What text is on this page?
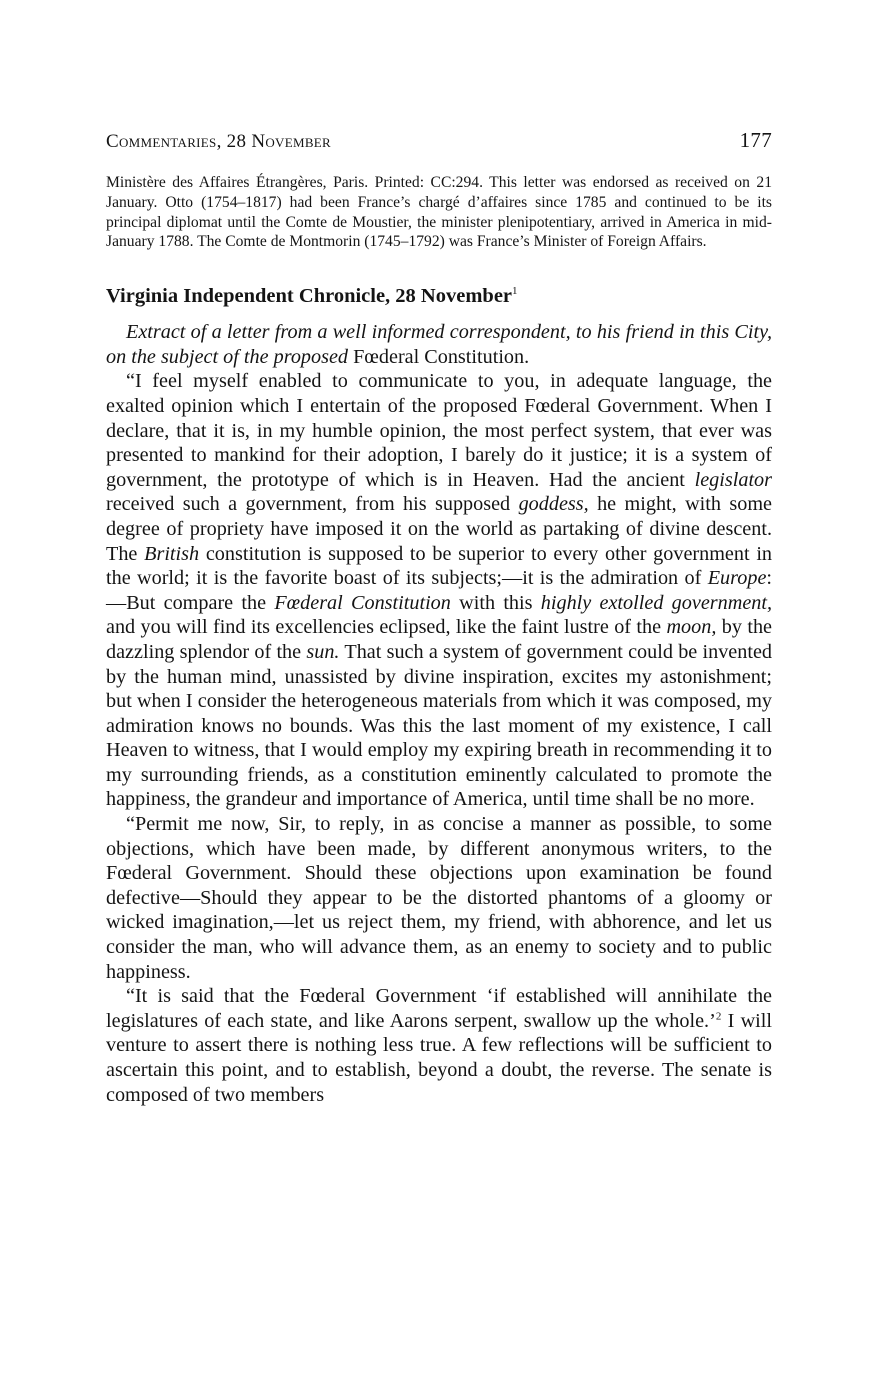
Commentaries, 28 November	177
Ministère des Affaires Étrangères, Paris. Printed: CC:294. This letter was endorsed as received on 21 January. Otto (1754–1817) had been France’s chargé d’affaires since 1785 and continued to be its principal diplomat until the Comte de Moustier, the minister plenipotentiary, arrived in America in mid-January 1788. The Comte de Montmorin (1745–1792) was France’s Minister of Foreign Affairs.
Virginia Independent Chronicle, 28 November$^1$

Extract of a letter from a well informed correspondent, to his friend in this City, on the subject of the proposed Fœderal Constitution.

“I feel myself enabled to communicate to you, in adequate language, the exalted opinion which I entertain of the proposed Fœderal Government. When I declare, that it is, in my humble opinion, the most perfect system, that ever was presented to mankind for their adoption, I barely do it justice; it is a system of government, the prototype of which is in Heaven. Had the ancient legislator received such a government, from his supposed goddess, he might, with some degree of propriety have imposed it on the world as partaking of divine descent. The British constitution is supposed to be superior to every other government in the world; it is the favorite boast of its subjects;—it is the admiration of Europe:—But compare the Fœderal Constitution with this highly extolled government, and you will find its excellencies eclipsed, like the faint lustre of the moon, by the dazzling splendor of the sun. That such a system of government could be invented by the human mind, unassisted by divine inspiration, excites my astonishment; but when I consider the heterogeneous materials from which it was composed, my admiration knows no bounds. Was this the last moment of my existence, I call Heaven to witness, that I would employ my expiring breath in recommending it to my surrounding friends, as a constitution eminently calculated to promote the happiness, the grandeur and importance of America, until time shall be no more.

“Permit me now, Sir, to reply, in as concise a manner as possible, to some objections, which have been made, by different anonymous writers, to the Fœderal Government. Should these objections upon examination be found defective—Should they appear to be the distorted phantoms of a gloomy or wicked imagination,—let us reject them, my friend, with abhorence, and let us consider the man, who will advance them, as an enemy to society and to public happiness.

“It is said that the Fœderal Government ‘if established will annihilate the legislatures of each state, and like Aarons serpent, swallow up the whole.’$^2$ I will venture to assert there is nothing less true. A few reflections will be sufficient to ascertain this point, and to establish, beyond a doubt, the reverse. The senate is composed of two members
